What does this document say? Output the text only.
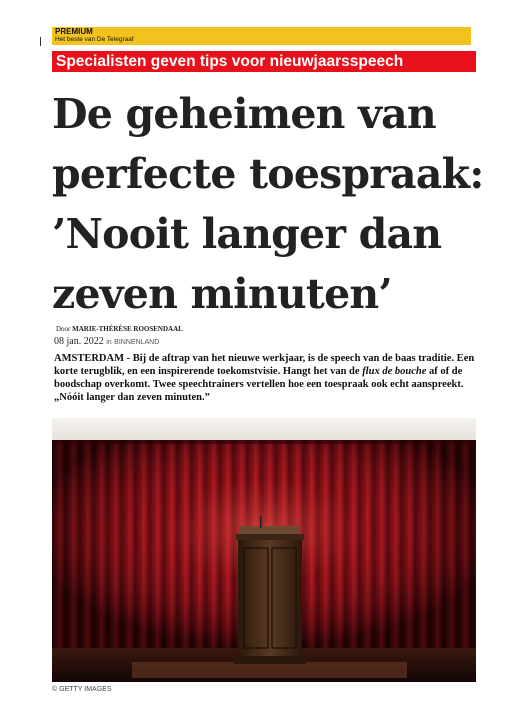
PREMIUM
Het beste van De Telegraaf
Specialisten geven tips voor nieuwjaarsspeech
De geheimen van
perfecte toespraak:
’Nooit langer dan
zeven minuten’
Door MARIE-THÉRÈSE ROOSENDAAL
08 jan. 2022 in BINNENLAND

AMSTERDAM - Bij de aftrap van het nieuwe werkjaar, is de speech van de baas traditie. Een korte terugblik, en een inspirerende toekomstvisie. Hangt het van de flux de bouche af of de boodschap overkomt. Twee speechtrainers vertellen hoe een toespraak ook echt aanspreekt. „Nóóit langer dan zeven minuten.”

© GETTY IMAGES
